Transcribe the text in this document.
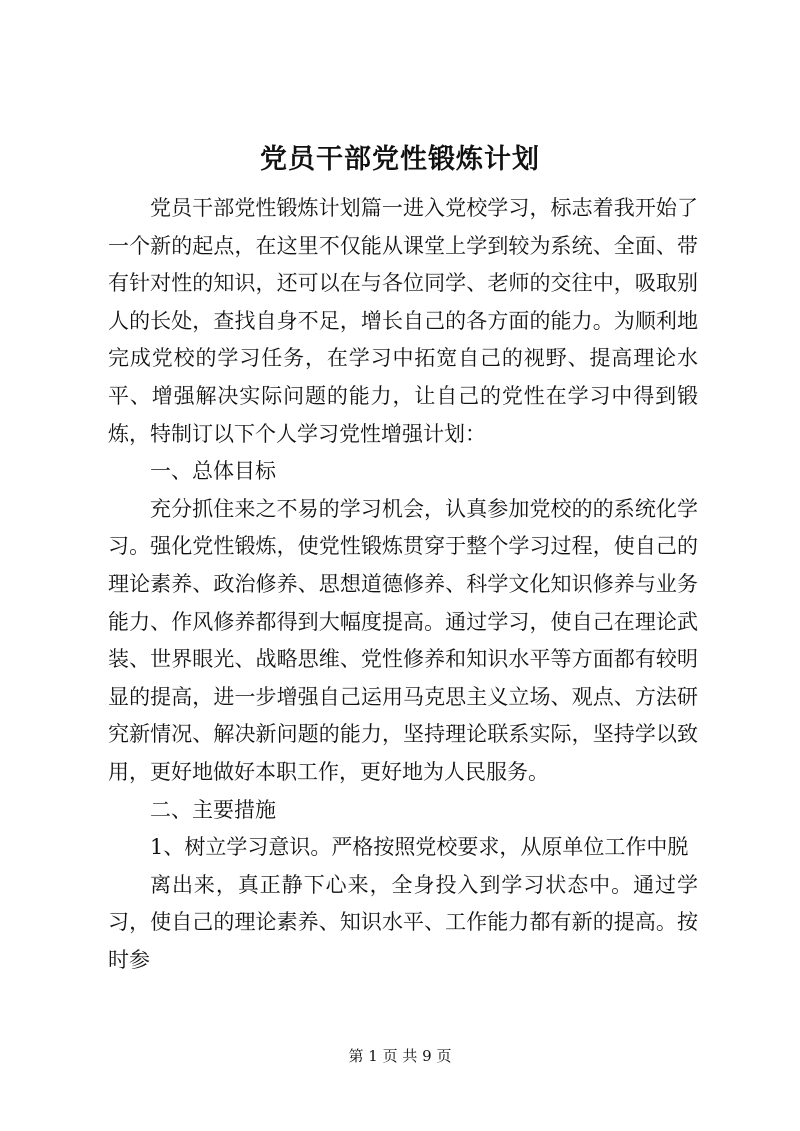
党员干部党性锻炼计划

党员干部党性锻炼计划篇一进入党校学习，标志着我开始了一个新的起点，在这里不仅能从课堂上学到较为系统、全面、带有针对性的知识，还可以在与各位同学、老师的交往中，吸取别人的长处，查找自身不足，增长自己的各方面的能力。为顺利地完成党校的学习任务，在学习中拓宽自己的视野、提高理论水平、增强解决实际问题的能力，让自己的党性在学习中得到锻炼，特制订以下个人学习党性增强计划：

一、总体目标

充分抓住来之不易的学习机会，认真参加党校的的系统化学习。强化党性锻炼，使党性锻炼贯穿于整个学习过程，使自己的理论素养、政治修养、思想道德修养、科学文化知识修养与业务能力、作风修养都得到大幅度提高。通过学习，使自己在理论武装、世界眼光、战略思维、党性修养和知识水平等方面都有较明显的提高，进一步增强自己运用马克思主义立场、观点、方法研究新情况、解决新问题的能力，坚持理论联系实际，坚持学以致用，更好地做好本职工作，更好地为人民服务。

二、主要措施

1、树立学习意识。严格按照党校要求，从原单位工作中脱

离出来，真正静下心来，全身投入到学习状态中。通过学习，使自己的理论素养、知识水平、工作能力都有新的提高。按时参

第 1 页 共 9 页
